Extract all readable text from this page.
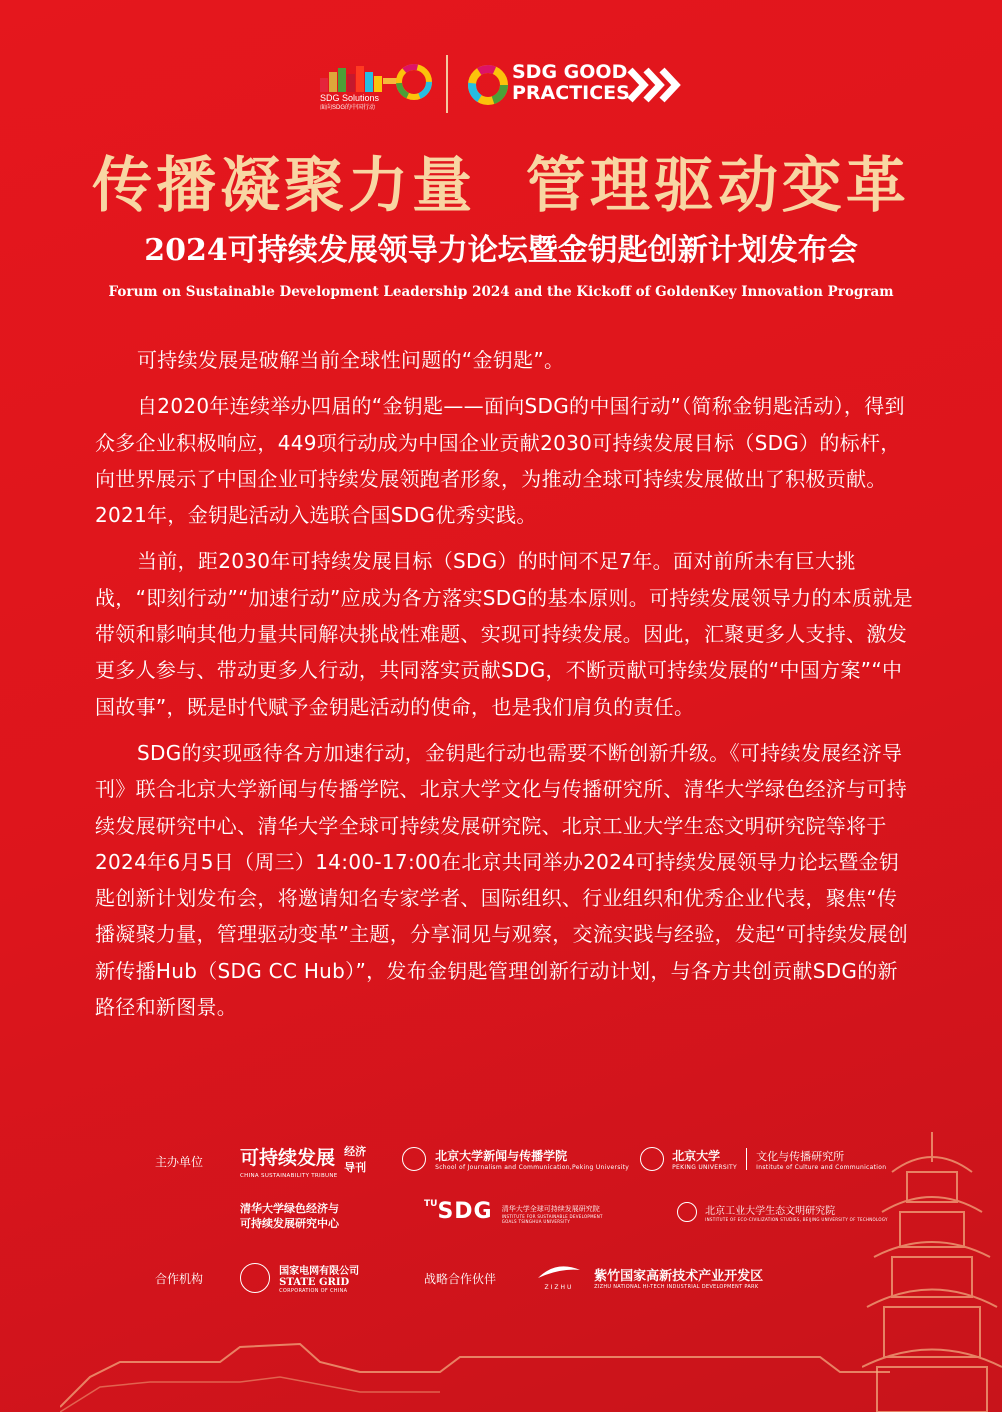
SDG Solutions
面向SDG的中国行动
SDG GOOD
PRACTICES
传播凝聚力量  管理驱动变革
2024可持续发展领导力论坛暨金钥匙创新计划发布会
Forum on Sustainable Development Leadership 2024 and the Kickoff of GoldenKey Innovation Program

可持续发展是破解当前全球性问题的“金钥匙”。

自2020年连续举办四届的“金钥匙——面向SDG的中国行动”（简称金钥匙活动），得到众多企业积极响应，449项行动成为中国企业贡献2030可持续发展目标（SDG）的标杆，向世界展示了中国企业可持续发展领跑者形象，为推动全球可持续发展做出了积极贡献。2021年，金钥匙活动入选联合国SDG优秀实践。

当前，距2030年可持续发展目标（SDG）的时间不足7年。面对前所未有巨大挑战，“即刻行动”“加速行动”应成为各方落实SDG的基本原则。可持续发展领导力的本质就是带领和影响其他力量共同解决挑战性难题、实现可持续发展。因此，汇聚更多人支持、激发更多人参与、带动更多人行动，共同落实贡献SDG，不断贡献可持续发展的“中国方案”“中国故事”，既是时代赋予金钥匙活动的使命，也是我们肩负的责任。

SDG的实现亟待各方加速行动，金钥匙行动也需要不断创新升级。《可持续发展经济导刊》联合北京大学新闻与传播学院、北京大学文化与传播研究所、清华大学绿色经济与可持续发展研究中心、清华大学全球可持续发展研究院、北京工业大学生态文明研究院等将于2024年6月5日（周三）14:00-17:00在北京共同举办2024可持续发展领导力论坛暨金钥匙创新计划发布会，将邀请知名专家学者、国际组织、行业组织和优秀企业代表，聚焦“传播凝聚力量，管理驱动变革”主题，分享洞见与观察，交流实践与经验，发起“可持续发展创新传播Hub（SDG CC Hub）”，发布金钥匙管理创新行动计划，与各方共创贡献SDG的新路径和新图景。

主办单位 可持续发展 经济导刊
CHINA SUSTAINABILITY TRIBUNE

北京大学新闻与传播学院
School of Journalism and Communication,Peking University

北京大学
PEKING UNIVERSITY

文化与传播研究所
Institute of Culture and Communication
清华大学绿色经济与
可持续发展研究中心
$^{TU}$SDG 清华大学全球可持续发展研究院
INSTITUTE FOR SUSTAINABLE DEVELOPMENT GOALS TSINGHUA UNIVERSITY

北京工业大学生态文明研究院
INSTITUTE OF ECO-CIVILIZATION STUDIES, BEIJING UNIVERSITY OF TECHNOLOGY
合作机构

国家电网有限公司
STATE GRID
CORPORATION OF CHINA
战略合作伙伴
ZIZHU

紫竹国家高新技术产业开发区
ZIZHU NATIONAL HI-TECH INDUSTRIAL DEVELOPMENT PARK
